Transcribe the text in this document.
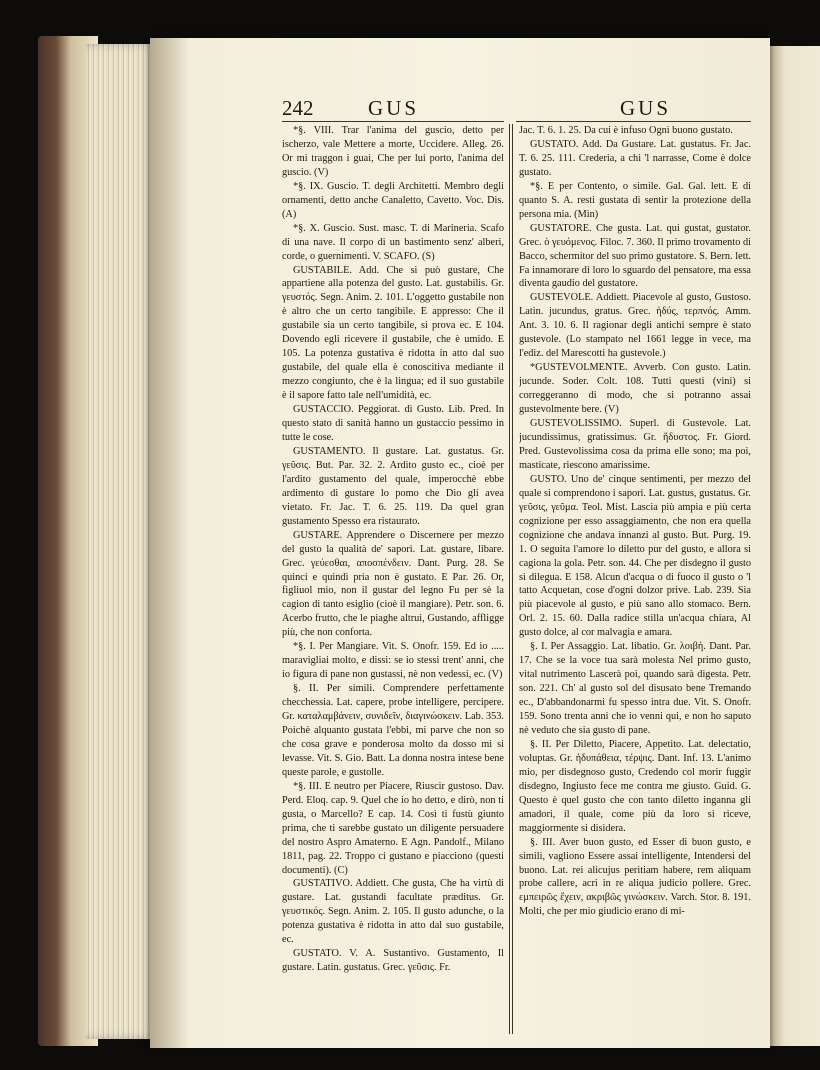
242	GUS	GUS

*§. VIII. Trar l'anima del guscio, detto per ischerzo, vale Mettere a morte, Uccidere. Alleg. 26. Or mi traggon i guai, Che per lui porto, l'anima del guscio. (V)

*§. IX. Guscio. T. degli Architetti. Membro degli ornamenti, detto anche Canaletto, Cavetto. Voc. Dis. (A)

*§. X. Guscio. Sust. masc. T. di Marineria. Scafo di una nave. Il corpo di un bastimento senz' alberi, corde, o guernimenti. V. SCAFO. (S)

GUSTABILE. Add. Che si può gustare, Che appartiene alla potenza del gusto. Lat. gustabilis. Gr. γευστός. Segn. Anim. 2. 101. L'oggetto gustabile non è altro che un certo tangibile. E appresso: Che il gustabile sia un certo tangibile, si prova ec. E 104. Dovendo egli ricevere il gustabile, che è umido. E 105. La potenza gustativa è ridotta in atto dal suo gustabile, del quale ella è conoscitiva mediante il mezzo congiunto, che è la lingua; ed il suo gustabile è il sapore fatto tale nell'umidità, ec.

GUSTACCIO. Peggiorat. di Gusto. Lib. Pred. In questo stato di sanità hanno un gustaccio pessimo in tutte le cose.

GUSTAMENTO. Il gustare. Lat. gustatus. Gr. γεῦσις. But. Par. 32. 2. Ardito gusto ec., cioè per l'ardito gustamento del quale, imperocchè ebbe ardimento di gustare lo pomo che Dio gli avea vietato. Fr. Jac. T. 6. 25. 119. Da quel gran gustamento Spesso era ristaurato.

GUSTARE. Apprendere o Discernere per mezzo del gusto la qualità de' sapori. Lat. gustare, libare. Grec. γεύεσθαι, αποσπένδειν. Dant. Purg. 28. Se quinci e quindi pria non è gustato. E Par. 26. Or, figliuol mio, non il gustar del legno Fu per sè la cagion di tanto esiglio (cioè il mangiare). Petr. son. 6. Acerbo frutto, che le piaghe altrui, Gustando, affligge più, che non conforta.

*§. I. Per Mangiare. Vit. S. Onofr. 159. Ed io ..... maravigliai molto, e dissi: se io stessi trent' anni, che io figura di pane non gustassi, nè non vedessi, ec. (V)

§. II. Per simili. Comprendere perfettamente checchessia. Lat. capere, probe intelligere, percipere. Gr. καταλαμβάνειν, συνιδεῖν, διαγινώσκειν. Lab. 353. Poichè alquanto gustata l'ebbi, mi parve che non so che cosa grave e ponderosa molto da dosso mi si levasse. Vit. S. Gio. Batt. La donna nostra intese bene queste parole, e gustolle.

*§. III. E neutro per Piacere, Riuscir gustoso. Dav. Perd. Eloq. cap. 9. Quel che io ho detto, e dirò, non ti gusta, o Marcello? E cap. 14. Così ti fustù giunto prima, che ti sarebbe gustato un diligente persuadere del nostro Aspro Amaterno. E Agn. Pandolf., Milano 1811, pag. 22. Troppo ci gustano e piacciono (questi documenti). (C)

GUSTATIVO. Addiett. Che gusta, Che ha virtù di gustare. Lat. gustandi facultate præditus. Gr. γευστικός. Segn. Anim. 2. 105. Il gusto adunche, o la potenza gustativa è ridotta in atto dal suo gustabile, ec.

GUSTATO. V. A. Sustantivo. Gustamento, Il gustare. Latin. gustatus. Grec. γεῦσις. Fr.

Jac. T. 6. 1. 25. Da cui è infuso Ogni buono gustato.

GUSTATO. Add. Da Gustare. Lat. gustatus. Fr. Jac. T. 6. 25. 111. Crederia, a chi 'l narrasse, Come è dolce gustato.

*§. E per Contento, o simile. Gal. Gal. lett. E di quanto S. A. resti gustata di sentir la protezione della persona mia. (Min)

GUSTATORE. Che gusta. Lat. qui gustat, gustator. Grec. ὁ γευόμενος. Filoc. 7. 360. Il primo trovamento di Bacco, schermitor del suo primo gustatore. S. Bern. lett. Fa innamorare di loro lo sguardo del pensatore, ma essa diventa gaudio del gustatore.

GUSTEVOLE. Addiett. Piacevole al gusto, Gustoso. Latin. jucundus, gratus. Grec. ἡδύς, τερπνός. Amm. Ant. 3. 10. 6. Il ragionar degli antichi sempre è stato gustevole. (Lo stampato nel 1661 legge in vece, ma l'ediz. del Marescotti ha gustevole.)

*GUSTEVOLMENTE. Avverb. Con gusto. Latin. jucunde. Soder. Colt. 108. Tutti questi (vini) si correggeranno di modo, che si potranno assai gustevolmente bere. (V)

GUSTEVOLISSIMO. Superl. di Gustevole. Lat. jucundissimus, gratissimus. Gr. ἥδυστος. Fr. Giord. Pred. Gustevolissima cosa da prima elle sono; ma poi, masticate, riescono amarissime.

GUSTO. Uno de' cinque sentimenti, per mezzo del quale si comprendono i sapori. Lat. gustus, gustatus. Gr. γεῦσις, γεῦμα. Teol. Mist. Lascia più ampia e più certa cognizione per esso assaggiamento, che non era quella cognizione che andava innanzi al gusto. But. Purg. 19. 1. O seguita l'amore lo diletto pur del gusto, e allora si cagiona la gola. Petr. son. 44. Che per disdegno il gusto si dilegua. E 158. Alcun d'acqua o di fuoco il gusto o 'l tatto Acquetan, cose d'ogni dolzor prive. Lab. 239. Sia più piacevole al gusto, e più sano allo stomaco. Bern. Orl. 2. 15. 60. Dalla radice stilla un'acqua chiara, Al gusto dolce, al cor malvagia e amara.

§. I. Per Assaggio. Lat. libatio. Gr. λοιβή. Dant. Par. 17. Che se la voce tua sarà molesta Nel primo gusto, vital nutrimento Lascerà poi, quando sarà digesta. Petr. son. 221. Ch' al gusto sol del disusato bene Tremando ec., D'abbandonarmi fu spesso intra due. Vit. S. Onofr. 159. Sono trenta anni che io venni qui, e non ho saputo nè veduto che sia gusto di pane.

§. II. Per Diletto, Piacere, Appetito. Lat. delectatio, voluptas. Gr. ἡδυπάθεια, τέρψις. Dant. Inf. 13. L'animo mio, per disdegnoso gusto, Credendo col morir fuggir disdegno, Ingiusto fece me contra me giusto. Guid. G. Questo è quel gusto che con tanto diletto inganna gli amadori, il quale, come più da loro si riceve, maggiormente si disidera.

§. III. Aver buon gusto, ed Esser di buon gusto, e simili, vagliono Essere assai intelligente, Intendersi del buono. Lat. rei alicujus peritiam habere, rem aliquam probe callere, acri in re aliqua judicio pollere. Grec. εμπειρῶς ἔχειν, ακριβῶς γινώσκειν. Varch. Stor. 8. 191. Molti, che per mio giudicio erano di mi-
